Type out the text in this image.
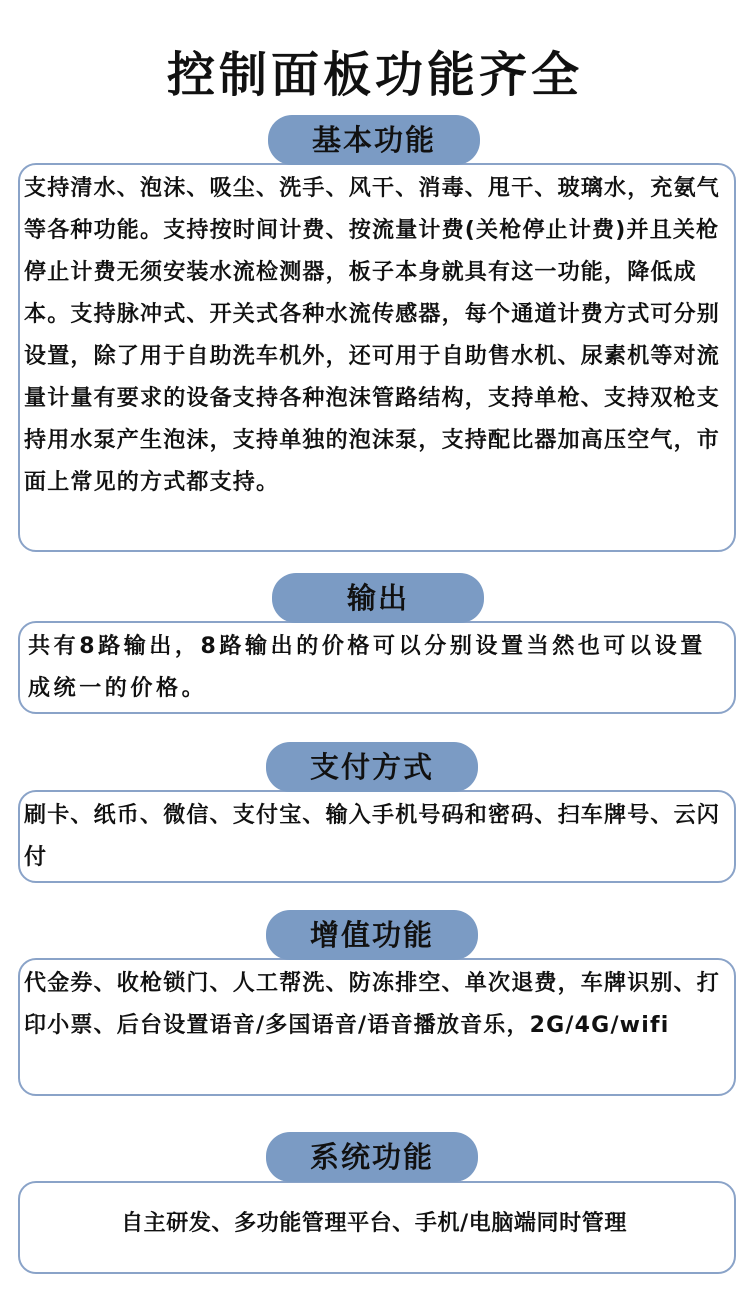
控制面板功能齐全
基本功能

支持清水、泡沫、吸尘、洗手、风干、消毒、甩干、玻璃水，充氨气等各种功能。支持按时间计费、按流量计费(关枪停止计费)并且关枪停止计费无须安装水流检测器，板子本身就具有这一功能，降低成本。支持脉冲式、开关式各种水流传感器，每个通道计费方式可分别设置，除了用于自助洗车机外，还可用于自助售水机、尿素机等对流量计量有要求的设备支持各种泡沫管路结构，支持单枪、支持双枪支持用水泵产生泡沫，支持单独的泡沫泵，支持配比器加高压空气，市面上常见的方式都支持。

输出

共有8路输出，8路输出的价格可以分别设置当然也可以设置成统一的价格。

支付方式

刷卡、纸币、微信、支付宝、输入手机号码和密码、扫车牌号、云闪付

增值功能

代金券、收枪锁门、人工帮洗、防冻排空、单次退费，车牌识别、打印小票、后台设置语音/多国语音/语音播放音乐，2G/4G/wifi

系统功能

自主研发、多功能管理平台、手机/电脑端同时管理
